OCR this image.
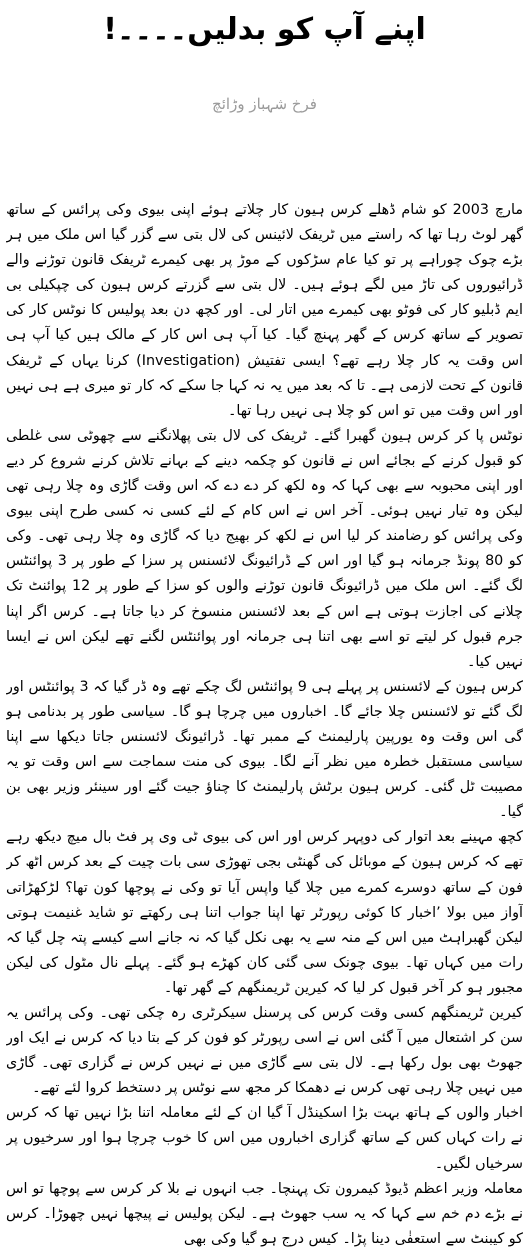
اپنے آپ کو بدلیں۔۔۔۔!
فرخ شہباز وڑائچ

مارچ 2003 کو شام ڈھلے کرس ہیون کار چلاتے ہوئے اپنی بیوی وکی پرائس کے ساتھ گھر لوٹ رہا تھا کہ راستے میں ٹریفک لائینس کی لال بتی سے گزر گیا اس ملک میں ہر بڑے چوک چوراہے پر تو کیا عام سڑکوں کے موڑ پر بھی کیمرے ٹریفک قانون توڑنے والے ڈرائیوروں کی تاڑ میں لگے ہوئے ہیں۔ لال بتی سے گزرتے کرس ہیون کی چپکیلی بی ایم ڈبلیو کار کی فوٹو بھی کیمرے میں اتار لی۔ اور کچھ دن بعد پولیس کا نوٹس کار کی تصویر کے ساتھ کرس کے گھر پہنچ گیا۔ کیا آپ ہی اس کار کے مالک ہیں کیا آپ ہی اس وقت یہ کار چلا رہے تھے؟ ایسی تفتیش (Investigation) کرنا یہاں کے ٹریفک قانون کے تحت لازمی ہے۔ تا کہ بعد میں یہ نہ کہا جا سکے کہ کار تو میری ہے ہی نہیں اور اس وقت میں تو اس کو چلا ہی نہیں رہا تھا۔

نوٹس پا کر کرس ہیون گھبرا گئے۔ ٹریفک کی لال بتی پھلانگنے سے چھوٹی سی غلطی کو قبول کرنے کے بجائے اس نے قانون کو چکمہ دینے کے بہانے تلاش کرنے شروع کر دیے اور اپنی محبوبہ سے بھی کہا کہ وہ لکھ کر دے دے کہ اس وقت گاڑی وہ چلا رہی تھی لیکن وہ تیار نہیں ہوئی۔ آخر اس نے اس کام کے لئے کسی نہ کسی طرح اپنی بیوی وکی پرائس کو رضامند کر لیا اس نے لکھ کر بھیج دیا کہ گاڑی وہ چلا رہی تھی۔ وکی کو 80 پونڈ جرمانہ ہو گیا اور اس کے ڈرائیونگ لائسنس پر سزا کے طور پر 3 پوائنٹس لگ گئے۔ اس ملک میں ڈرائیونگ قانون توڑنے والوں کو سزا کے طور پر 12 پوائنٹ تک چلانے کی اجازت ہوتی ہے اس کے بعد لائسنس منسوخ کر دیا جاتا ہے۔ کرس اگر اپنا جرم قبول کر لیتے تو اسے بھی اتنا ہی جرمانہ اور پوائنٹس لگنے تھے لیکن اس نے ایسا نہیں کیا۔

کرس ہیون کے لائسنس پر پہلے ہی 9 پوائنٹس لگ چکے تھے وہ ڈر گیا کہ 3 پوائنٹس اور لگ گئے تو لائسنس چلا جائے گا۔ اخباروں میں چرچا ہو گا۔ سیاسی طور پر بدنامی ہو گی اس وقت وہ یورپین پارلیمنٹ کے ممبر تھا۔ ڈرائیونگ لائسنس جاتا دیکھا سے اپنا سیاسی مستقبل خطرہ میں نظر آنے لگا۔ بیوی کی منت سماجت سے اس وقت تو یہ مصیبت ٹل گئی۔ کرس ہیون برٹش پارلیمنٹ کا چناؤ جیت گئے اور سینئر وزیر بھی بن گیا۔

کچھ مہینے بعد اتوار کی دوپہر کرس اور اس کی بیوی ٹی وی پر فٹ بال میچ دیکھ رہے تھے کہ کرس ہیون کے موبائل کی گھنٹی بجی تھوڑی سی بات چیت کے بعد کرس اٹھ کر فون کے ساتھ دوسرے کمرے میں چلا گیا واپس آیا تو وکی نے پوچھا کون تھا؟ لڑکھڑاتی آواز میں بولا ’اخبار کا کوئی رپورٹر تھا اپنا جواب اتنا ہی رکھتے تو شاید غنیمت ہوتی لیکن گھبراہٹ میں اس کے منہ سے یہ بھی نکل گیا کہ نہ جانے اسے کیسے پتہ چل گیا کہ رات میں کہاں تھا۔ بیوی چونک سی گئی کان کھڑے ہو گئے۔ پہلے نال مٹول کی لیکن مجبور ہو کر آخر قبول کر لیا کہ کیرین ٹریمنگھم کے گھر تھا۔

کیرین ٹریمنگھم کسی وقت کرس کی پرسنل سیکرٹری رہ چکی تھی۔ وکی پرائس یہ سن کر اشتعال میں آ گئی اس نے اسی رپورٹر کو فون کر کے بتا دیا کہ کرس نے ایک اور جھوٹ بھی بول رکھا ہے۔ لال بتی سے گاڑی میں نے نہیں کرس نے گزاری تھی۔ گاڑی میں نہیں چلا رہی تھی کرس نے دھمکا کر مجھ سے نوٹس پر دستخط کروا لئے تھے۔

اخبار والوں کے ہاتھ بہت بڑا اسکینڈل آ گیا ان کے لئے معاملہ اتنا بڑا نہیں تھا کہ کرس نے رات کہاں کس کے ساتھ گزاری اخباروں میں اس کا خوب چرچا ہوا اور سرخیوں پر سرخیاں لگیں۔

معاملہ وزیر اعظم ڈیوڈ کیمرون تک پہنچا۔ جب انہوں نے بلا کر کرس سے پوچھا تو اس نے بڑے دم خم سے کہا کہ یہ سب جھوٹ ہے۔ لیکن پولیس نے پیچھا نہیں چھوڑا۔ کرس کو کیبنٹ سے استعفٰی دینا پڑا۔ کیس درج ہو گیا وکی بھی
